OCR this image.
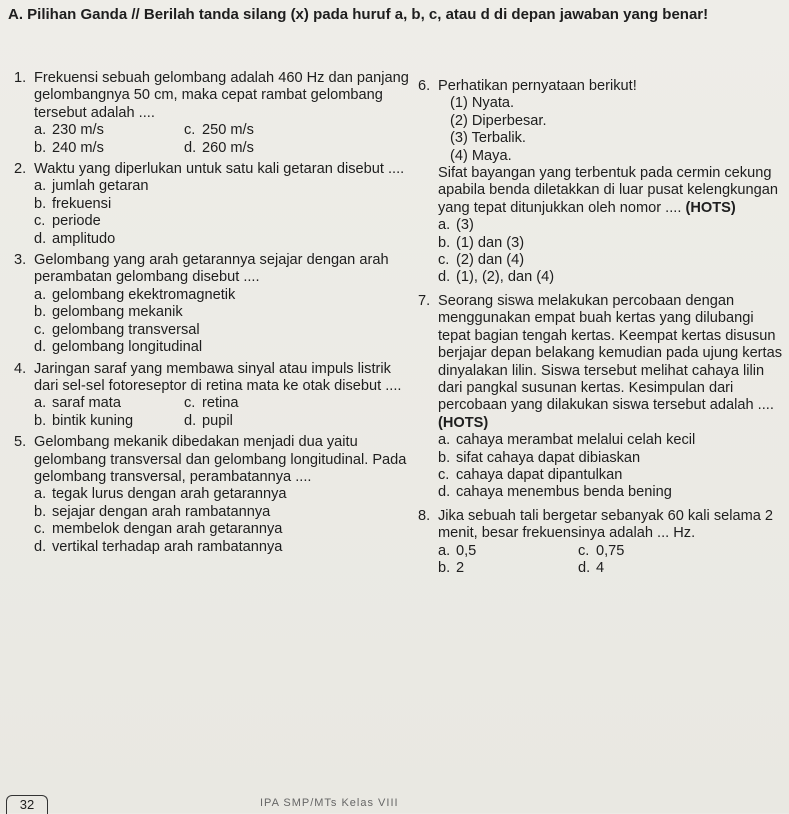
A. Pilihan Ganda // Berilah tanda silang (x) pada huruf a, b, c, atau d di depan jawaban yang benar!
1. Frekuensi sebuah gelombang adalah 460 Hz dan panjang gelombangnya 50 cm, maka cepat rambat gelombang tersebut adalah ....
a. 230 m/s	c. 250 m/s
b. 240 m/s	d. 260 m/s
2. Waktu yang diperlukan untuk satu kali getaran disebut ....
a. jumlah getaran
b. frekuensi
c. periode
d. amplitudo
3. Gelombang yang arah getarannya sejajar dengan arah perambatan gelombang disebut ....
a. gelombang ekektromagnetik
b. gelombang mekanik
c. gelombang transversal
d. gelombang longitudinal
4. Jaringan saraf yang membawa sinyal atau impuls listrik dari sel-sel fotoreseptor di retina mata ke otak disebut ....
a. saraf mata	c. retina
b. bintik kuning	d. pupil
5. Gelombang mekanik dibedakan menjadi dua yaitu gelombang transversal dan gelombang longitudinal. Pada gelombang transversal, perambatannya ....
a. tegak lurus dengan arah getarannya
b. sejajar dengan arah rambatannya
c. membelok dengan arah getarannya
d. vertikal terhadap arah rambatannya
6. Perhatikan pernyataan berikut!
(1) Nyata.
(2) Diperbesar.
(3) Terbalik.
(4) Maya.
Sifat bayangan yang terbentuk pada cermin cekung apabila benda diletakkan di luar pusat kelengkungan yang tepat ditunjukkan oleh nomor .... (HOTS)
a. (3)
b. (1) dan (3)
c. (2) dan (4)
d. (1), (2), dan (4)
7. Seorang siswa melakukan percobaan dengan menggunakan empat buah kertas yang dilubangi tepat bagian tengah kertas. Keempat kertas disusun berjajar depan belakang kemudian pada ujung kertas dinyalakan lilin. Siswa tersebut melihat cahaya lilin dari pangkal susunan kertas. Kesimpulan dari percobaan yang dilakukan siswa tersebut adalah .... (HOTS)
a. cahaya merambat melalui celah kecil
b. sifat cahaya dapat dibiaskan
c. cahaya dapat dipantulkan
d. cahaya menembus benda bening
8. Jika sebuah tali bergetar sebanyak 60 kali selama 2 menit, besar frekuensinya adalah ... Hz.
a. 0,5	c. 0,75
b. 2	d. 4
32	IPA SMP/MTs Kelas VIII
